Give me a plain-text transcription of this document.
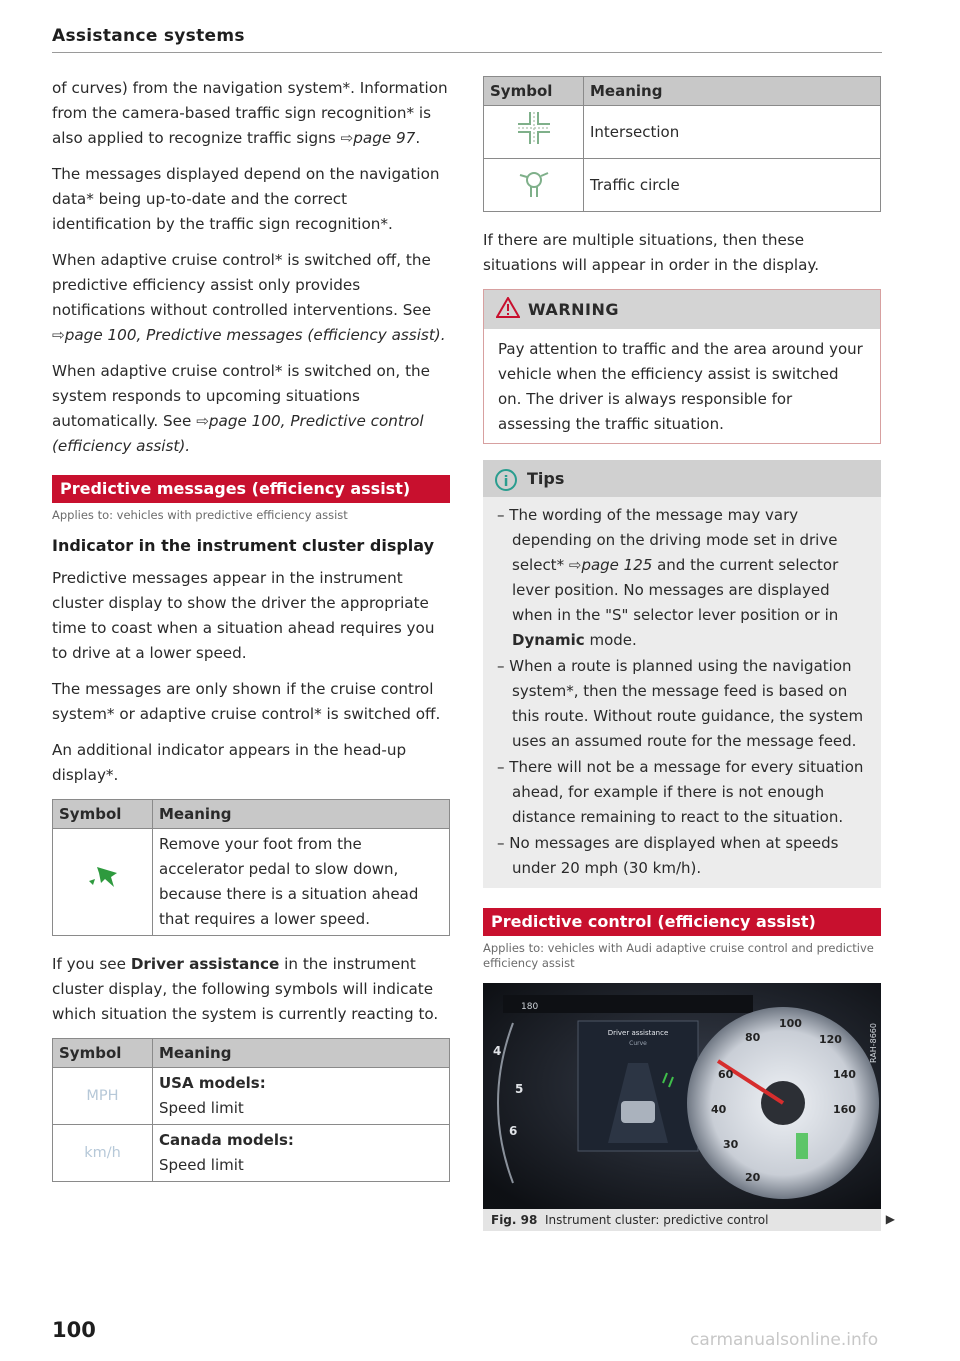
Assistance systems

of curves) from the navigation system*. Information from the camera-based traffic sign recognition* is also applied to recognize traffic signs ⇨page 97.

The messages displayed depend on the navigation data* being up-to-date and the correct identification by the traffic sign recognition*.

When adaptive cruise control* is switched off, the predictive efficiency assist only provides notifications without controlled interventions. See ⇨page 100, Predictive messages (efficiency assist).

When adaptive cruise control* is switched on, the system responds to upcoming situations automatically. See ⇨page 100, Predictive control (efficiency assist).

Predictive messages (efficiency assist)
Applies to: vehicles with predictive efficiency assist
Indicator in the instrument cluster display

Predictive messages appear in the instrument cluster display to show the driver the appropriate time to coast when a situation ahead requires you to drive at a lower speed.

The messages are only shown if the cruise control system* or adaptive cruise control* is switched off.

An additional indicator appears in the head-up display*.

Symbol	Meaning
	Remove your foot from the accelerator pedal to slow down, because there is a situation ahead that requires a lower speed.

If you see Driver assistance in the instrument cluster display, the following symbols will indicate which situation the system is currently reacting to.

Symbol	Meaning
MPH	USA models:
Speed limit
km/h	Canada models:
Speed limit
Symbol	Meaning
	Intersection
	Traffic circle

If there are multiple situations, then these situations will appear in order in the display.

WARNING
Pay attention to traffic and the area around your vehicle when the efficiency assist is switched on. The driver is always responsible for assessing the traffic situation.
i Tips
– The wording of the message may vary depending on the driving mode set in drive select* ⇨page 125 and the current selector lever position. No messages are displayed when in the "S" selector lever position or in Dynamic mode.
– When a route is planned using the navigation system*, then the message feed is based on this route. Without route guidance, the system uses an assumed route for the message feed.
– There will not be a message for every situation ahead, for example if there is not enough distance remaining to react to the situation.
– No messages are displayed when at speeds under 20 mph (30 km/h).
Predictive control (efficiency assist)
Applies to: vehicles with Audi adaptive cruise control and predictive efficiency assist
180
4
5
6
Driver assistance
Curve	80
100
120
140
160
60
40
30
20
RAH-8660
Fig. 98 Instrument cluster: predictive control	▶
100	carmanualsonline.info
